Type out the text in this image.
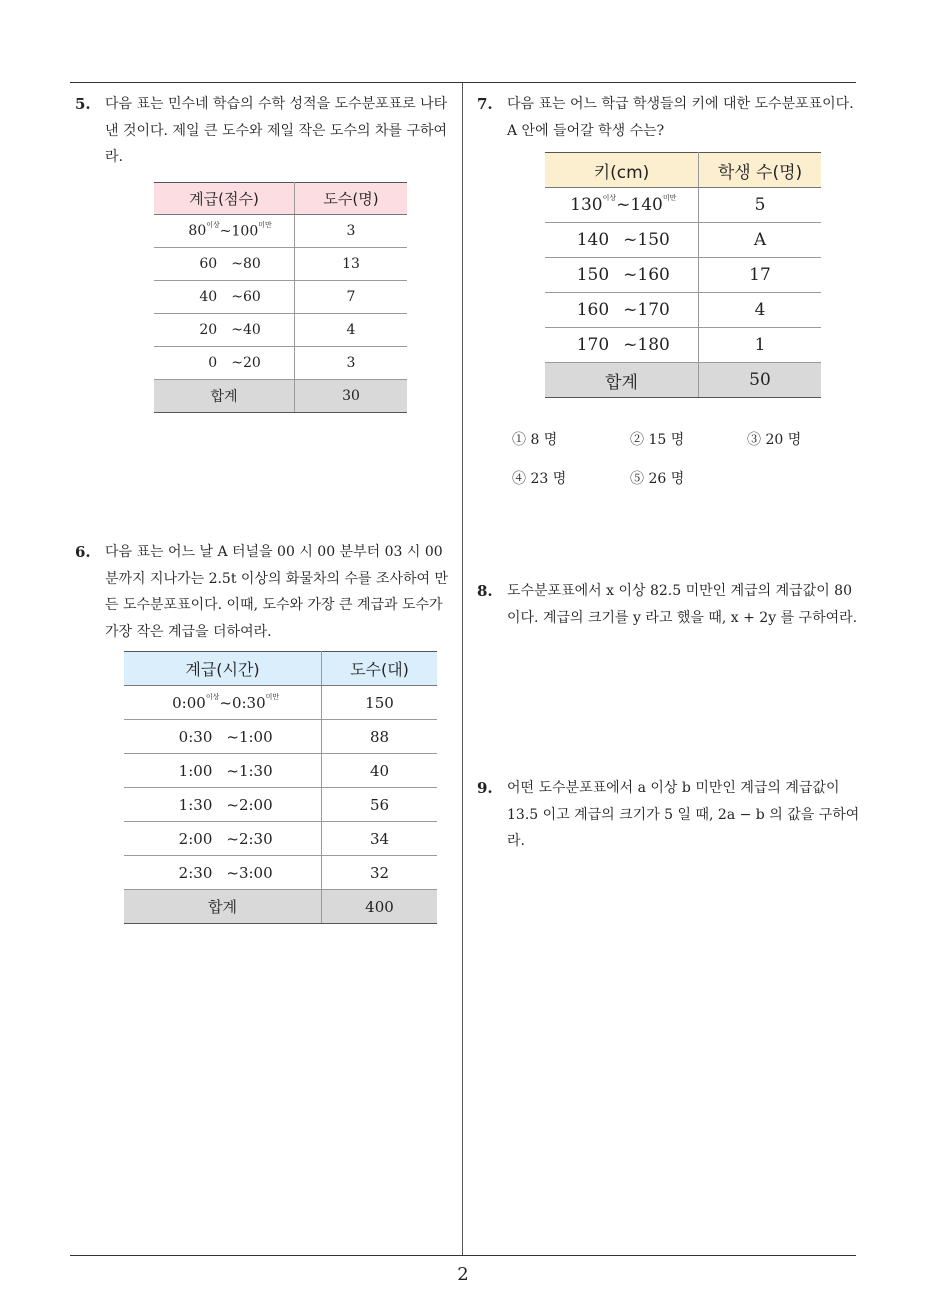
5. 다음 표는 민수네 학습의 수학 성적을 도수분포표로 나타낸 것이다. 제일 큰 도수와 제일 작은 도수의 차를 구하여라.
계급(점수)	도수(명)
$80^{이상}\sim 100^{미만}$	3
60 ~80	13
40 ~60	7
20 ~40	4
0 ~20	3
합계	30
6. 다음 표는 어느 날 A 터널을 00 시 00 분부터 03 시 00 분까지 지나가는 2.5t 이상의 화물차의 수를 조사하여 만든 도수분포표이다. 이때, 도수와 가장 큰 계급과 도수가 가장 작은 계급을 더하여라.
계급(시간)	도수(대)
$0:00^{이상}\sim 0:30^{미만}$	150
0:30 ~1:00	88
1:00 ~1:30	40
1:30 ~2:00	56
2:00 ~2:30	34
2:30 ~3:00	32
합계	400
7. 다음 표는 어느 학급 학생들의 키에 대한 도수분포표이다. A 안에 들어갈 학생 수는?
키(cm)	학생 수(명)
$130^{이상}\sim 140^{미만}$	5
140 ~150	A
150 ~160	17
160 ~170	4
170 ~180	1
합계	50
① 8 명	② 15 명	③ 20 명
④ 23 명	⑤ 26 명
8. 도수분포표에서 x 이상 82.5 미만인 계급의 계급값이 80 이다. 계급의 크기를 y 라고 했을 때, x + 2y 를 구하여라.
9. 어떤 도수분포표에서 a 이상 b 미만인 계급의 계급값이 13.5 이고 계급의 크기가 5 일 때, 2a − b 의 값을 구하여라.
2
